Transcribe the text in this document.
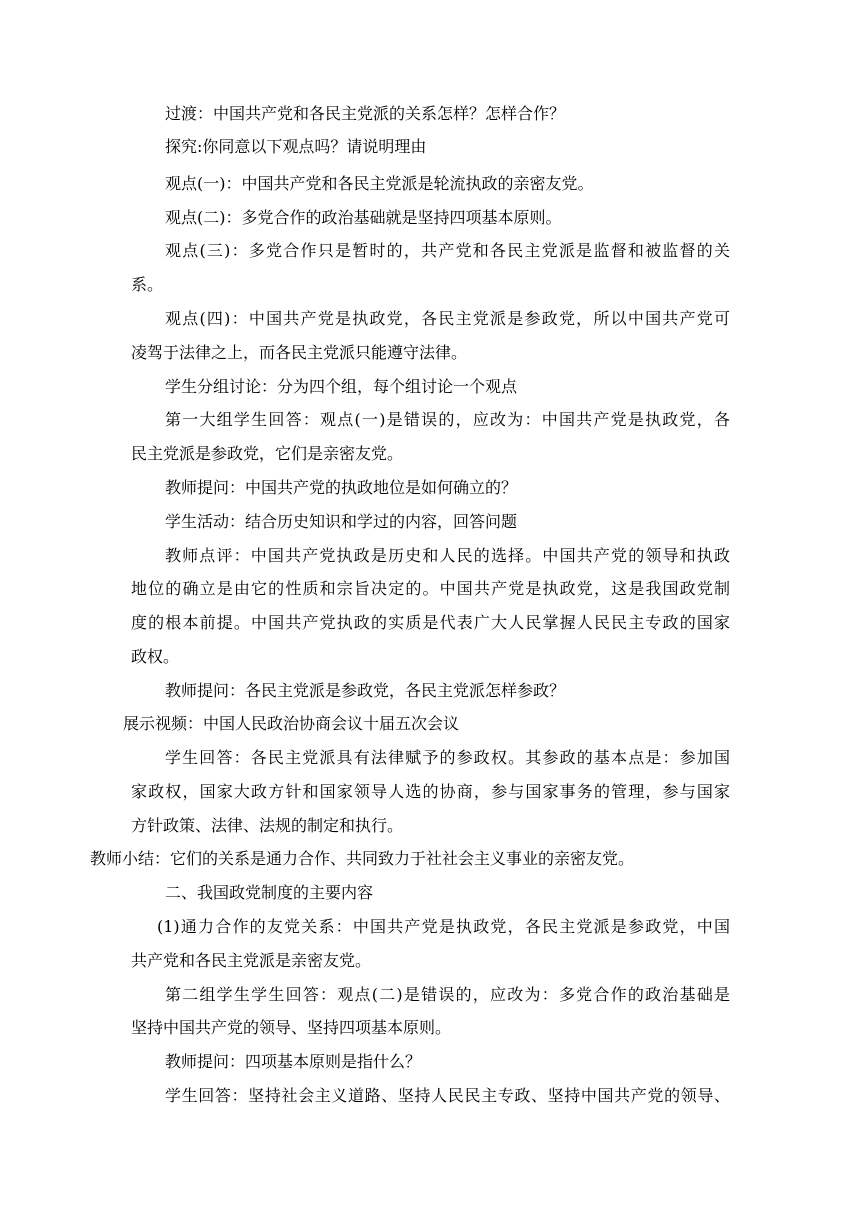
过渡：中国共产党和各民主党派的关系怎样？怎样合作？
探究:你同意以下观点吗？请说明理由
观点(一)：中国共产党和各民主党派是轮流执政的亲密友党。
观点(二)：多党合作的政治基础就是坚持四项基本原则。
观点(三)：多党合作只是暂时的，共产党和各民主党派是监督和被监督的关
系。
观点(四)：中国共产党是执政党，各民主党派是参政党，所以中国共产党可
凌驾于法律之上，而各民主党派只能遵守法律。
学生分组讨论：分为四个组，每个组讨论一个观点
第一大组学生回答：观点(一)是错误的，应改为：中国共产党是执政党，各
民主党派是参政党，它们是亲密友党。
教师提问：中国共产党的执政地位是如何确立的？
学生活动：结合历史知识和学过的内容，回答问题
教师点评：中国共产党执政是历史和人民的选择。中国共产党的领导和执政
地位的确立是由它的性质和宗旨决定的。中国共产党是执政党，这是我国政党制
度的根本前提。中国共产党执政的实质是代表广大人民掌握人民民主专政的国家
政权。
教师提问：各民主党派是参政党，各民主党派怎样参政？
展示视频：中国人民政治协商会议十届五次会议
学生回答：各民主党派具有法律赋予的参政权。其参政的基本点是：参加国
家政权，国家大政方针和国家领导人选的协商，参与国家事务的管理，参与国家
方针政策、法律、法规的制定和执行。
教师小结：它们的关系是通力合作、共同致力于社社会主义事业的亲密友党。
二、我国政党制度的主要内容
(1)通力合作的友党关系：中国共产党是执政党，各民主党派是参政党，中国
共产党和各民主党派是亲密友党。
第二组学生学生回答：观点(二)是错误的，应改为：多党合作的政治基础是
坚持中国共产党的领导、坚持四项基本原则。
教师提问：四项基本原则是指什么？
学生回答：坚持社会主义道路、坚持人民民主专政、坚持中国共产党的领导、
